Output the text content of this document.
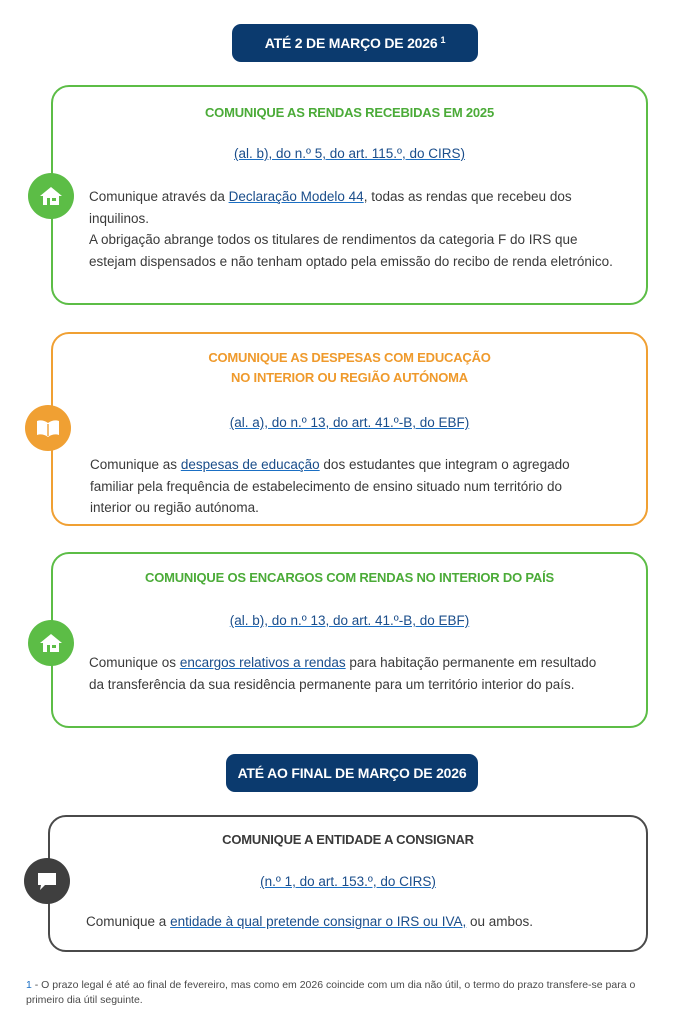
ATÉ 2 DE MARÇO DE 2026 $^1$
COMUNIQUE AS RENDAS RECEBIDAS EM 2025
(al. b), do n.º 5, do art. 115.º, do CIRS)
Comunique através da Declaração Modelo 44, todas as rendas que recebeu dos inquilinos.
A obrigação abrange todos os titulares de rendimentos da categoria F do IRS que estejam dispensados e não tenham optado pela emissão do recibo de renda eletrónico.
COMUNIQUE AS DESPESAS COM EDUCAÇÃO
NO INTERIOR OU REGIÃO AUTÓNOMA
(al. a), do n.º 13, do art. 41.º-B, do EBF)
Comunique as despesas de educação dos estudantes que integram o agregado familiar pela frequência de estabelecimento de ensino situado num território do interior ou região autónoma.
COMUNIQUE OS ENCARGOS COM RENDAS NO INTERIOR DO PAÍS
(al. b), do n.º 13, do art. 41.º-B, do EBF)
Comunique os encargos relativos a rendas para habitação permanente em resultado da transferência da sua residência permanente para um território interior do país.
ATÉ AO FINAL DE MARÇO DE 2026
COMUNIQUE A ENTIDADE A CONSIGNAR
(n.º 1, do art. 153.º, do CIRS)
Comunique a entidade à qual pretende consignar o IRS ou IVA, ou ambos.
1 - O prazo legal é até ao final de fevereiro, mas como em 2026 coincide com um dia não útil, o termo do prazo transfere-se para o primeiro dia útil seguinte.
